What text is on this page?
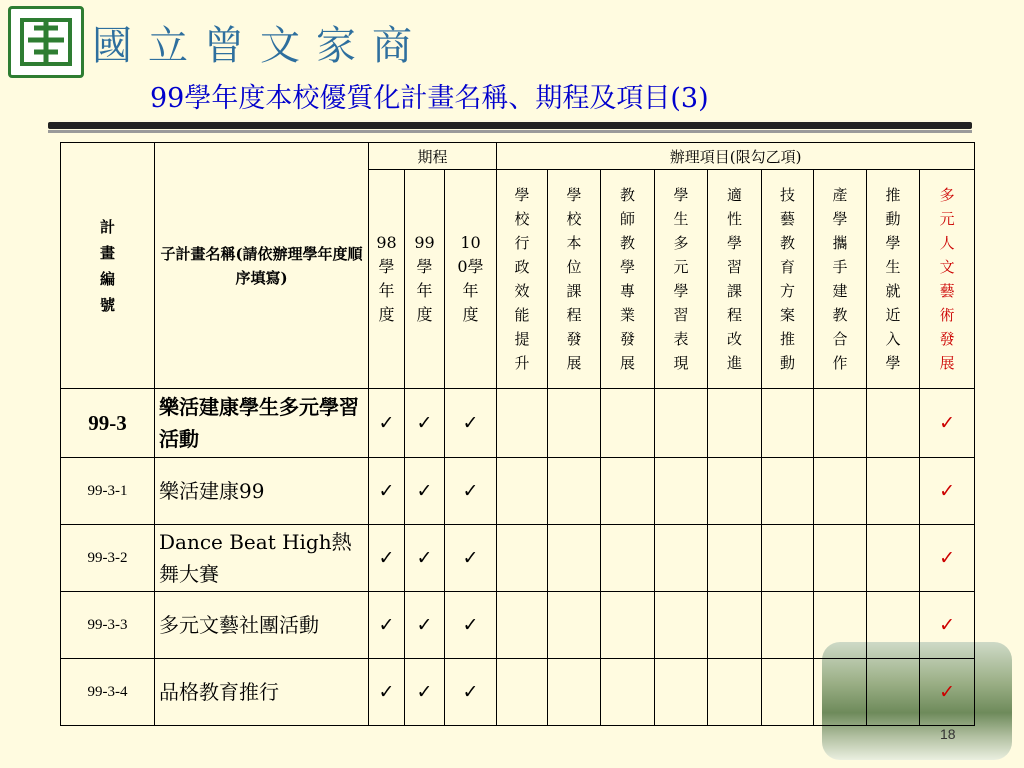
國立曾文家商
99學年度本校優質化計畫名稱、期程及項目(3)
計畫編號	子計畫名稱(請依辦理學年度順序填寫)	期程			辦理項目(限勾乙項)								
		98學年度	99學年度	100學年度	學校行政效能提升	學校本位課程發展	教師教學專業發展	學生多元學習表現	適性學習課程改進	技藝教育方案推動	產學攜手建教合作	推動學生就近入學	多元人文藝術發展
99-3	樂活建康學生多元學習活動	✓	✓	✓									✓
99-3-1	樂活建康99	✓	✓	✓									✓
99-3-2	Dance Beat High熱舞大賽	✓	✓	✓									✓
99-3-3	多元文藝社團活動	✓	✓	✓									✓
99-3-4	品格教育推行	✓	✓	✓									✓
18
